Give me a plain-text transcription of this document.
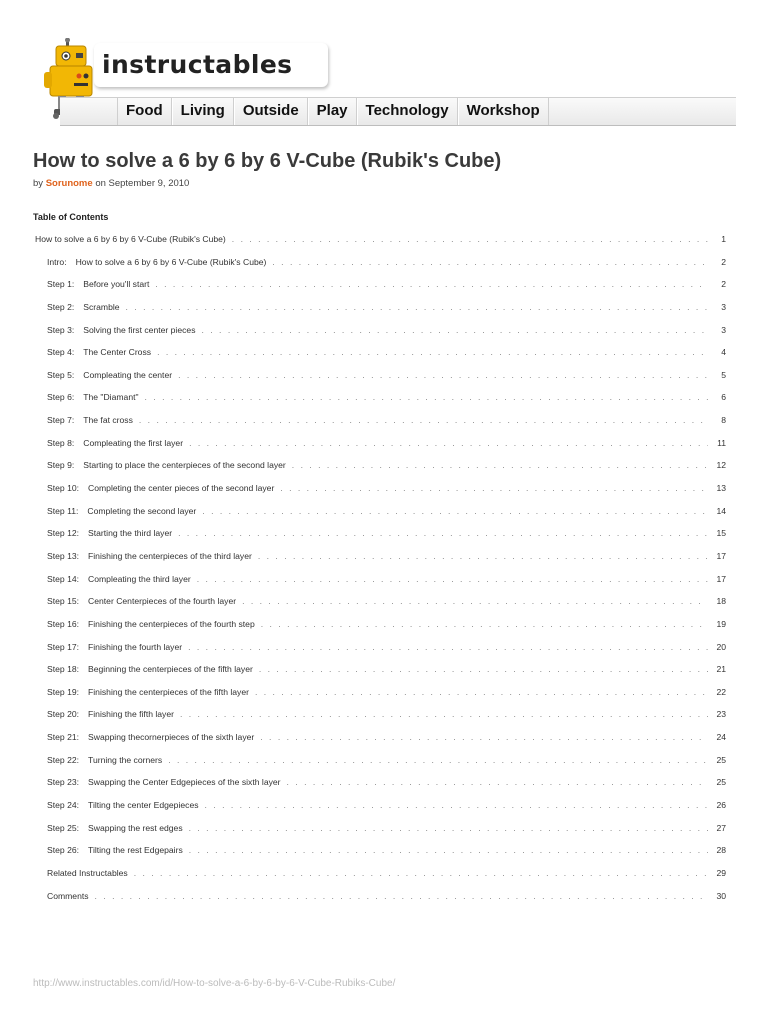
instructables
Food	Living	Outside	Play	Technology	Workshop
How to solve a 6 by 6 by 6 V-Cube (Rubik's Cube)
by Sorunome on September 9, 2010
Table of Contents
How to solve a 6 by 6 by 6 V-Cube (Rubik's Cube) . . .	1
Intro: How to solve a 6 by 6 by 6 V-Cube (Rubik's Cube) . . .	2
Step 1: Before you'll start . . .	2
Step 2: Scramble . . .	3
Step 3: Solving the first center pieces . . .	3
Step 4: The Center Cross . . .	4
Step 5: Compleating the center . . .	5
Step 6: The "Diamant" . . .	6
Step 7: The fat cross . . .	8
Step 8: Compleating the first layer . . .	11
Step 9: Starting to place the centerpieces of the second layer . . .	12
Step 10: Completing the center pieces of the second layer . . .	13
Step 11: Completing the second layer . . .	14
Step 12: Starting the third layer . . .	15
Step 13: Finishing the centerpieces of the third layer . . .	17
Step 14: Compleating the third layer . . .	17
Step 15: Center Centerpieces of the fourth layer . . .	18
Step 16: Finishing the centerpieces of the fourth step . . .	19
Step 17: Finishing the fourth layer . . .	20
Step 18: Beginning the centerpieces of the fifth layer . . .	21
Step 19: Finishing the centerpieces of the fifth layer . . .	22
Step 20: Finishing the fifth layer . . .	23
Step 21: Swapping thecornerpieces of the sixth layer . . .	24
Step 22: Turning the corners . . .	25
Step 23: Swapping the Center Edgepieces of the sixth layer . . .	25
Step 24: Tilting the center Edgepieces . . .	26
Step 25: Swapping the rest edges . . .	27
Step 26: Tilting the rest Edgepairs . . .	28
Related Instructables . . .	29
Comments . . .	30
http://www.instructables.com/id/How-to-solve-a-6-by-6-by-6-V-Cube-Rubiks-Cube/
